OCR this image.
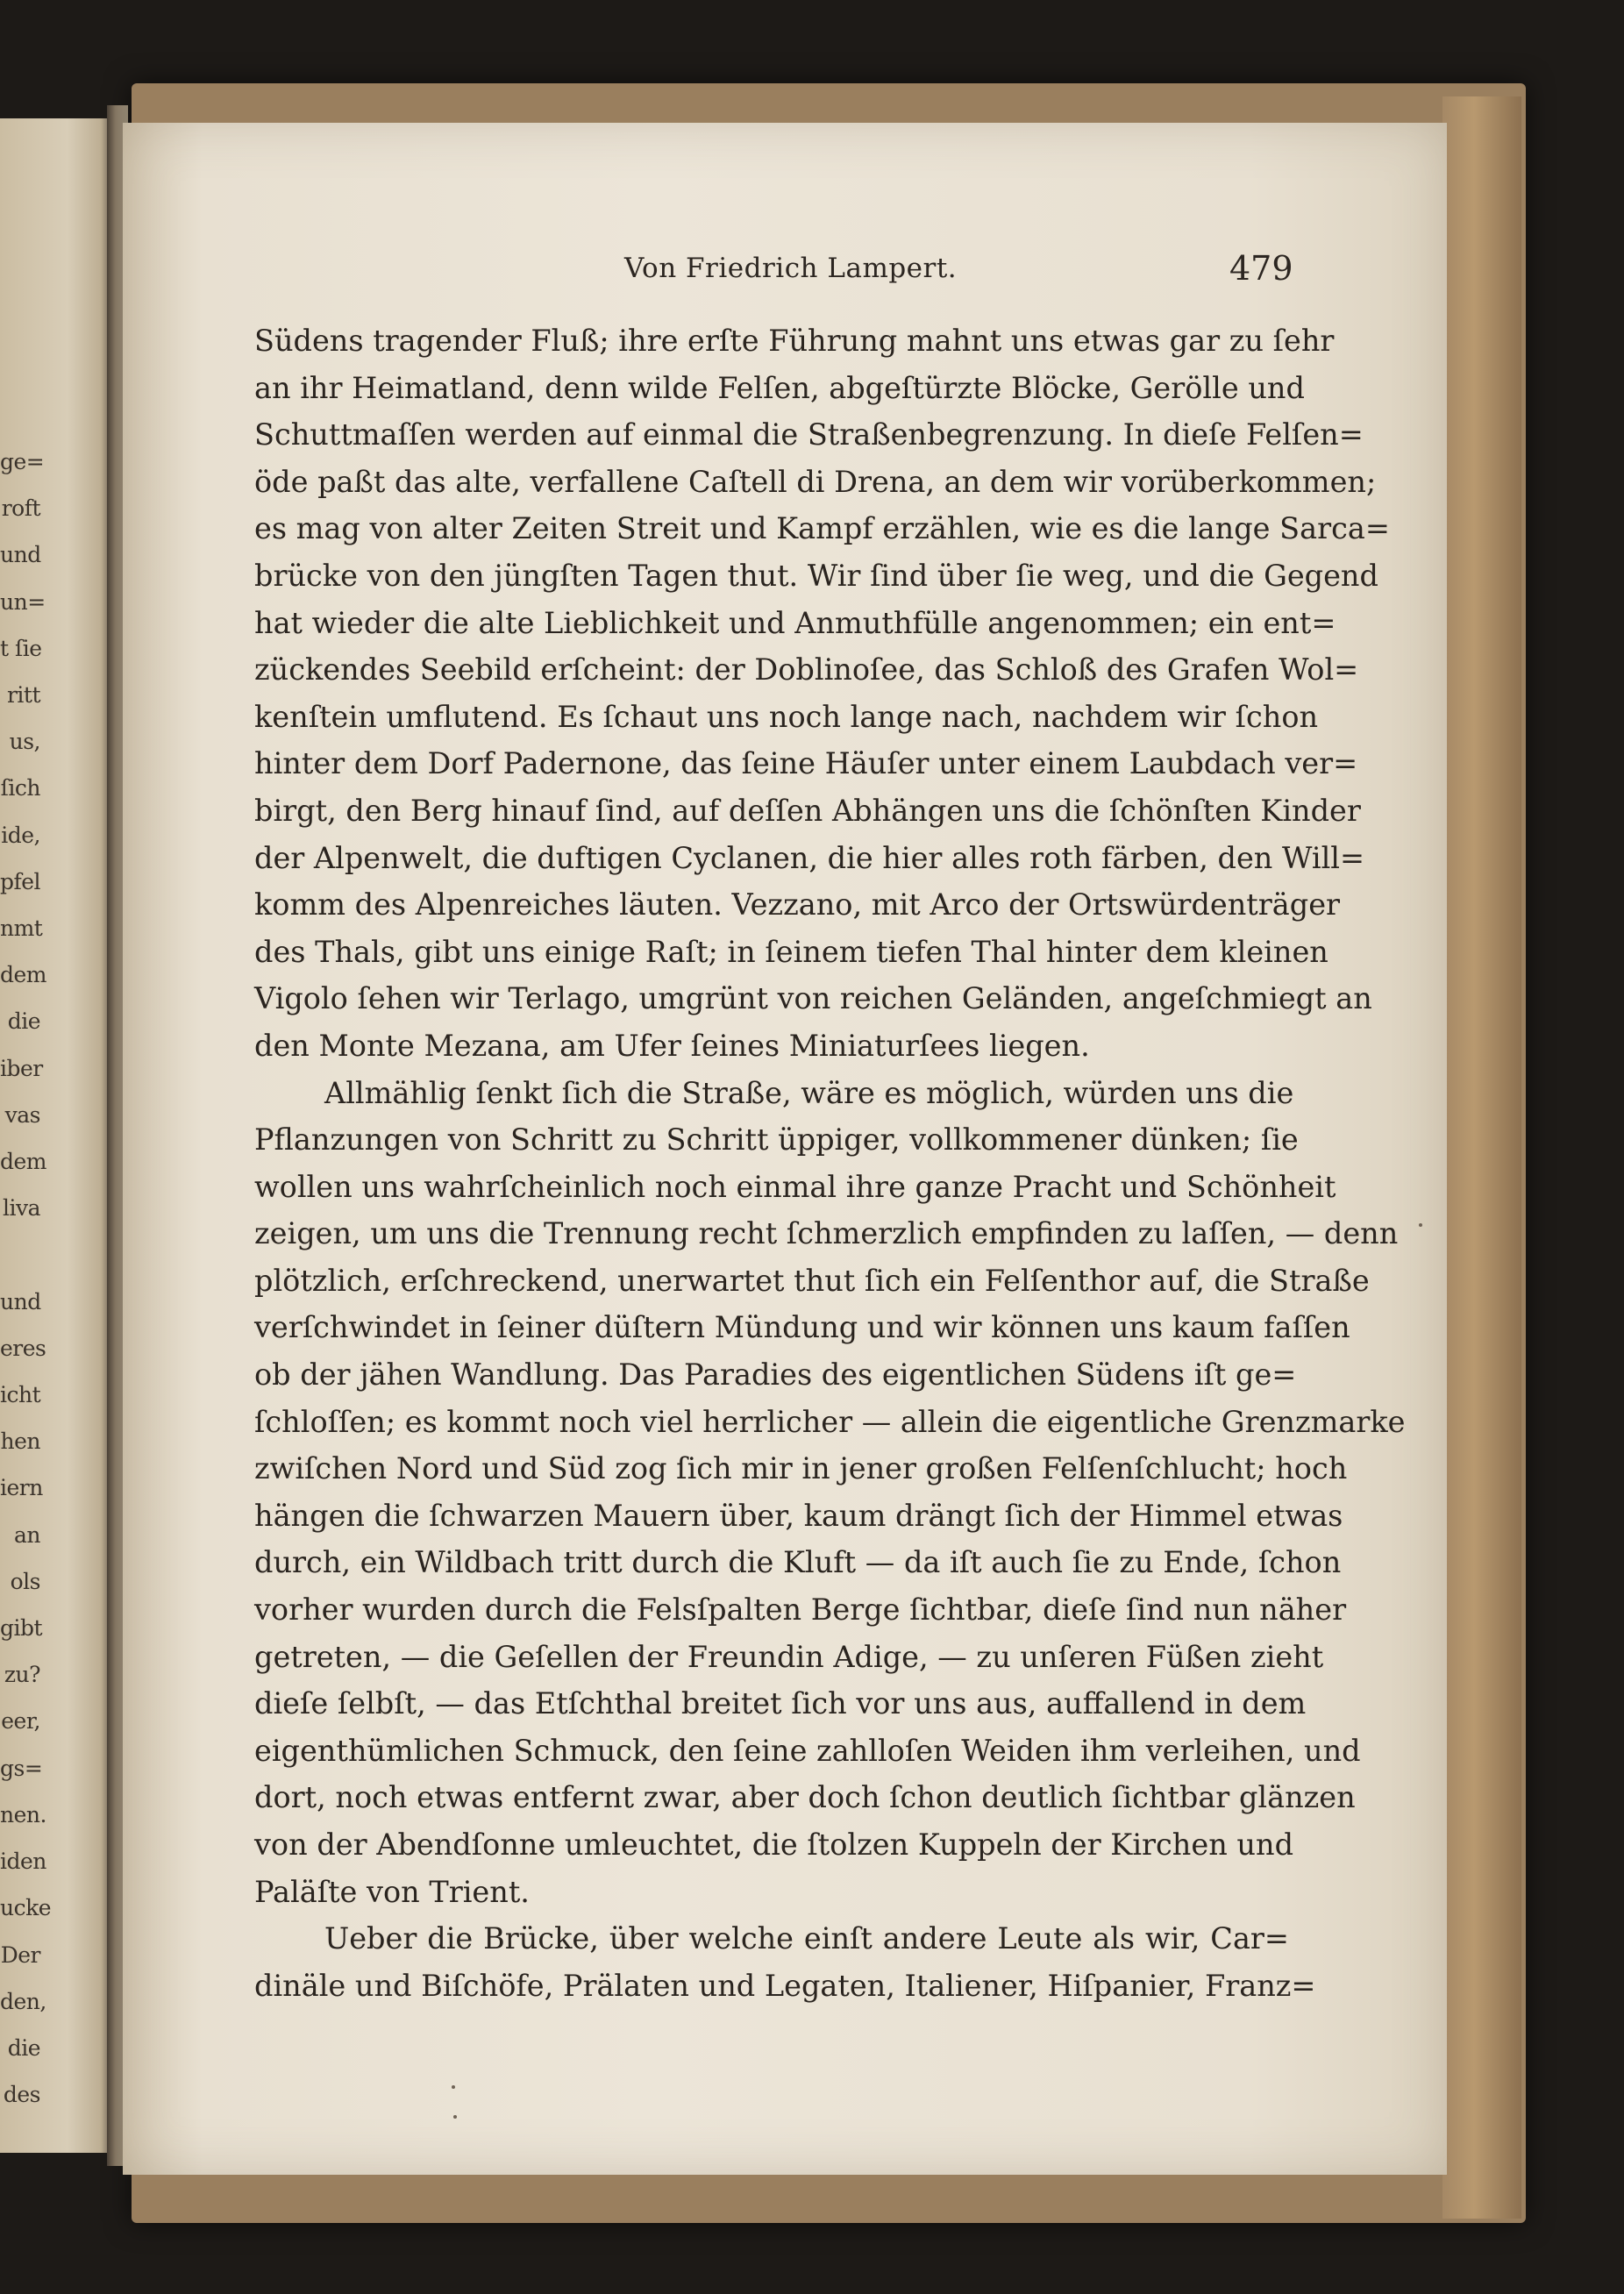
ge=
roft
und
un=
t ſie
ritt
us,
ſich
ide,
pfel
nmt
dem
die
iber
vas
dem
liva

und
eres
icht
hen
iern
an
ols
gibt
zu?
eer,
gs=
nen.
iden
ucke
Der
den,
die
des
Von Friedrich Lampert.	479
Südens tragender Fluß; ihre erſte Führung mahnt uns etwas gar zu ſehr
an ihr Heimatland, denn wilde Felſen, abgeſtürzte Blöcke, Gerölle und
Schuttmaſſen werden auf einmal die Straßenbegrenzung. In dieſe Felſen=
öde paßt das alte, verfallene Caſtell di Drena, an dem wir vorüberkommen;
es mag von alter Zeiten Streit und Kampf erzählen, wie es die lange Sarca=
brücke von den jüngſten Tagen thut. Wir ſind über ſie weg, und die Gegend
hat wieder die alte Lieblichkeit und Anmuthfülle angenommen; ein ent=
zückendes Seebild erſcheint: der Doblinoſee, das Schloß des Grafen Wol=
kenſtein umflutend. Es ſchaut uns noch lange nach, nachdem wir ſchon
hinter dem Dorf Padernone, das ſeine Häuſer unter einem Laubdach ver=
birgt, den Berg hinauf ſind, auf deſſen Abhängen uns die ſchönſten Kinder
der Alpenwelt, die duftigen Cyclanen, die hier alles roth färben, den Will=
komm des Alpenreiches läuten. Vezzano, mit Arco der Ortswürdenträger
des Thals, gibt uns einige Raſt; in ſeinem tiefen Thal hinter dem kleinen
Vigolo ſehen wir Terlago, umgrünt von reichen Geländen, angeſchmiegt an
den Monte Mezana, am Ufer ſeines Miniaturſees liegen.
Allmählig ſenkt ſich die Straße, wäre es möglich, würden uns die
Pflanzungen von Schritt zu Schritt üppiger, vollkommener dünken; ſie
wollen uns wahrſcheinlich noch einmal ihre ganze Pracht und Schönheit
zeigen, um uns die Trennung recht ſchmerzlich empfinden zu laſſen, — denn
plötzlich, erſchreckend, unerwartet thut ſich ein Felſenthor auf, die Straße
verſchwindet in ſeiner düſtern Mündung und wir können uns kaum faſſen
ob der jähen Wandlung. Das Paradies des eigentlichen Südens iſt ge=
ſchloſſen; es kommt noch viel herrlicher — allein die eigentliche Grenzmarke
zwiſchen Nord und Süd zog ſich mir in jener großen Felſenſchlucht; hoch
hängen die ſchwarzen Mauern über, kaum drängt ſich der Himmel etwas
durch, ein Wildbach tritt durch die Kluft — da iſt auch ſie zu Ende, ſchon
vorher wurden durch die Felsſpalten Berge ſichtbar, dieſe ſind nun näher
getreten, — die Geſellen der Freundin Adige, — zu unſeren Füßen zieht
dieſe ſelbſt, — das Etſchthal breitet ſich vor uns aus, auffallend in dem
eigenthümlichen Schmuck, den ſeine zahlloſen Weiden ihm verleihen, und
dort, noch etwas entfernt zwar, aber doch ſchon deutlich ſichtbar glänzen
von der Abendſonne umleuchtet, die ſtolzen Kuppeln der Kirchen und
Paläſte von Trient.
Ueber die Brücke, über welche einſt andere Leute als wir, Car=
dinäle und Biſchöfe, Prälaten und Legaten, Italiener, Hiſpanier, Franz=
